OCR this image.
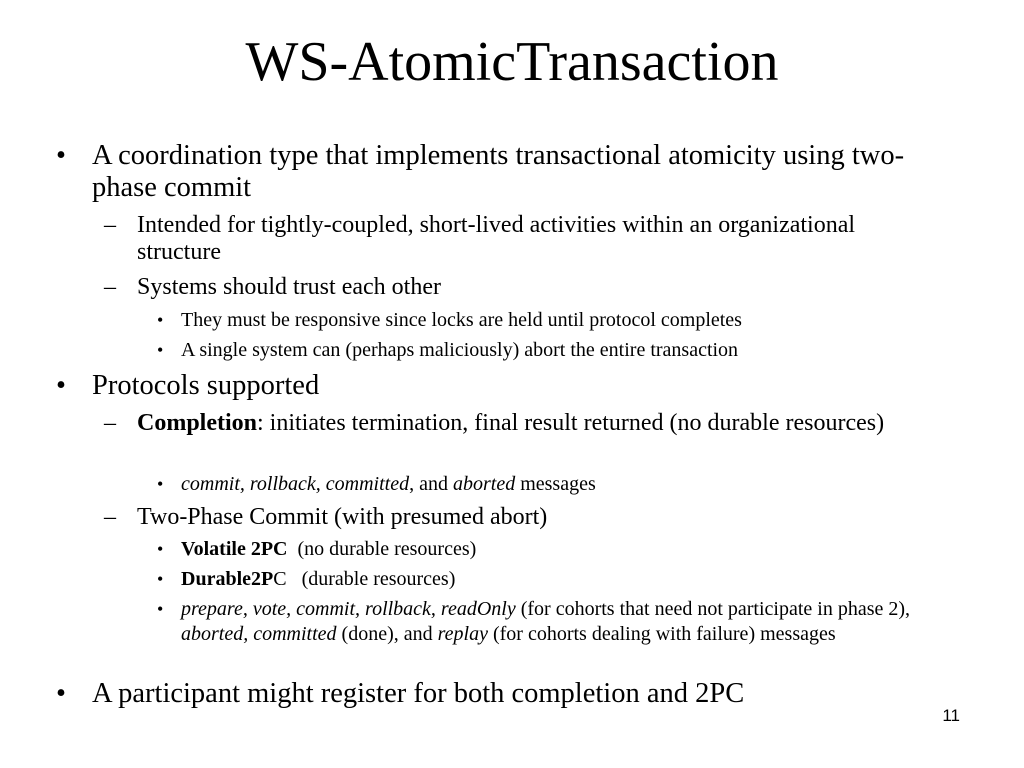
WS-AtomicTransaction
• A coordination type that implements transactional atomicity using two-phase commit

– Intended for tightly-coupled, short-lived activities within an organizational structure

– Systems should trust each other

• They must be responsive since locks are held until protocol completes

• A single system can (perhaps maliciously) abort the entire transaction

• Protocols supported

– Completion: initiates termination, final result returned (no durable resources)

• commit, rollback, committed, and aborted messages

– Two-Phase Commit (with presumed abort)

• Volatile 2PC  (no durable resources)

• Durable2PC   (durable resources)

• prepare, vote, commit, rollback, readOnly (for cohorts that need not participate in phase 2), aborted, committed (done), and replay (for cohorts dealing with failure) messages

• A participant might register for both completion and 2PC

11
